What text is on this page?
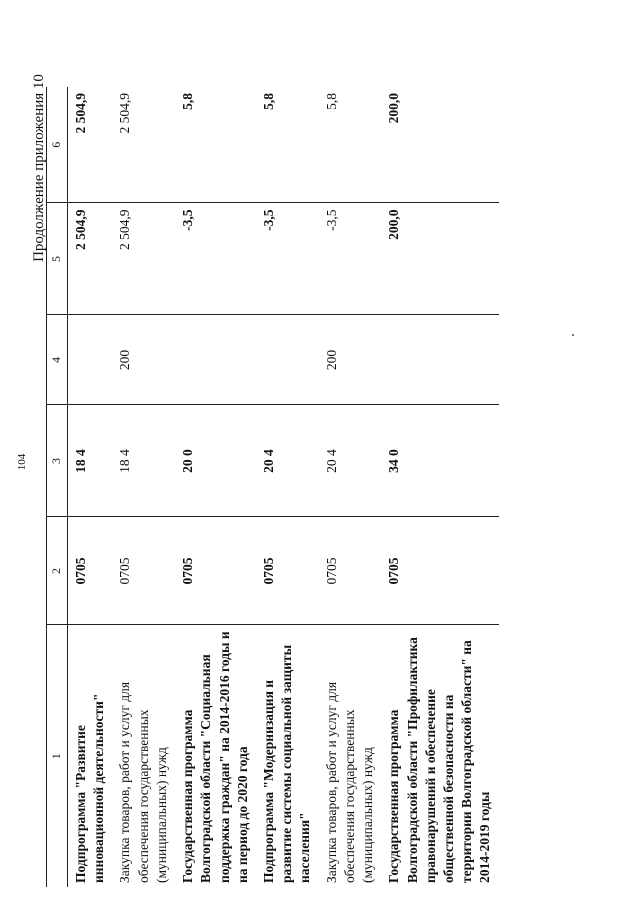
104
Продолжение приложения 10
1	2	3	4	5	6
Подпрограмма "Развитие инновационной деятельности"	0705	18 4		2 504,9	2 504,9
Закупка товаров, работ и услуг для обеспечения государственных (муниципальных) нужд	0705	18 4	200	2 504,9	2 504,9
Государственная программа Волгоградской области "Социальная поддержка граждан" на 2014-2016 годы и на период до 2020 года	0705	20 0		-3,5	5,8
Подпрограмма "Модернизация и развитие системы социальной защиты населения"	0705	20 4		-3,5	5,8
Закупка товаров, работ и услуг для обеспечения государственных (муниципальных) нужд	0705	20 4	200	-3,5	5,8
Государственная программа Волгоградской области "Профилактика правонарушений и обеспечение общественной безопасности на территории Волгоградской области" на 2014-2019 годы	0705	34 0		200,0	200,0
